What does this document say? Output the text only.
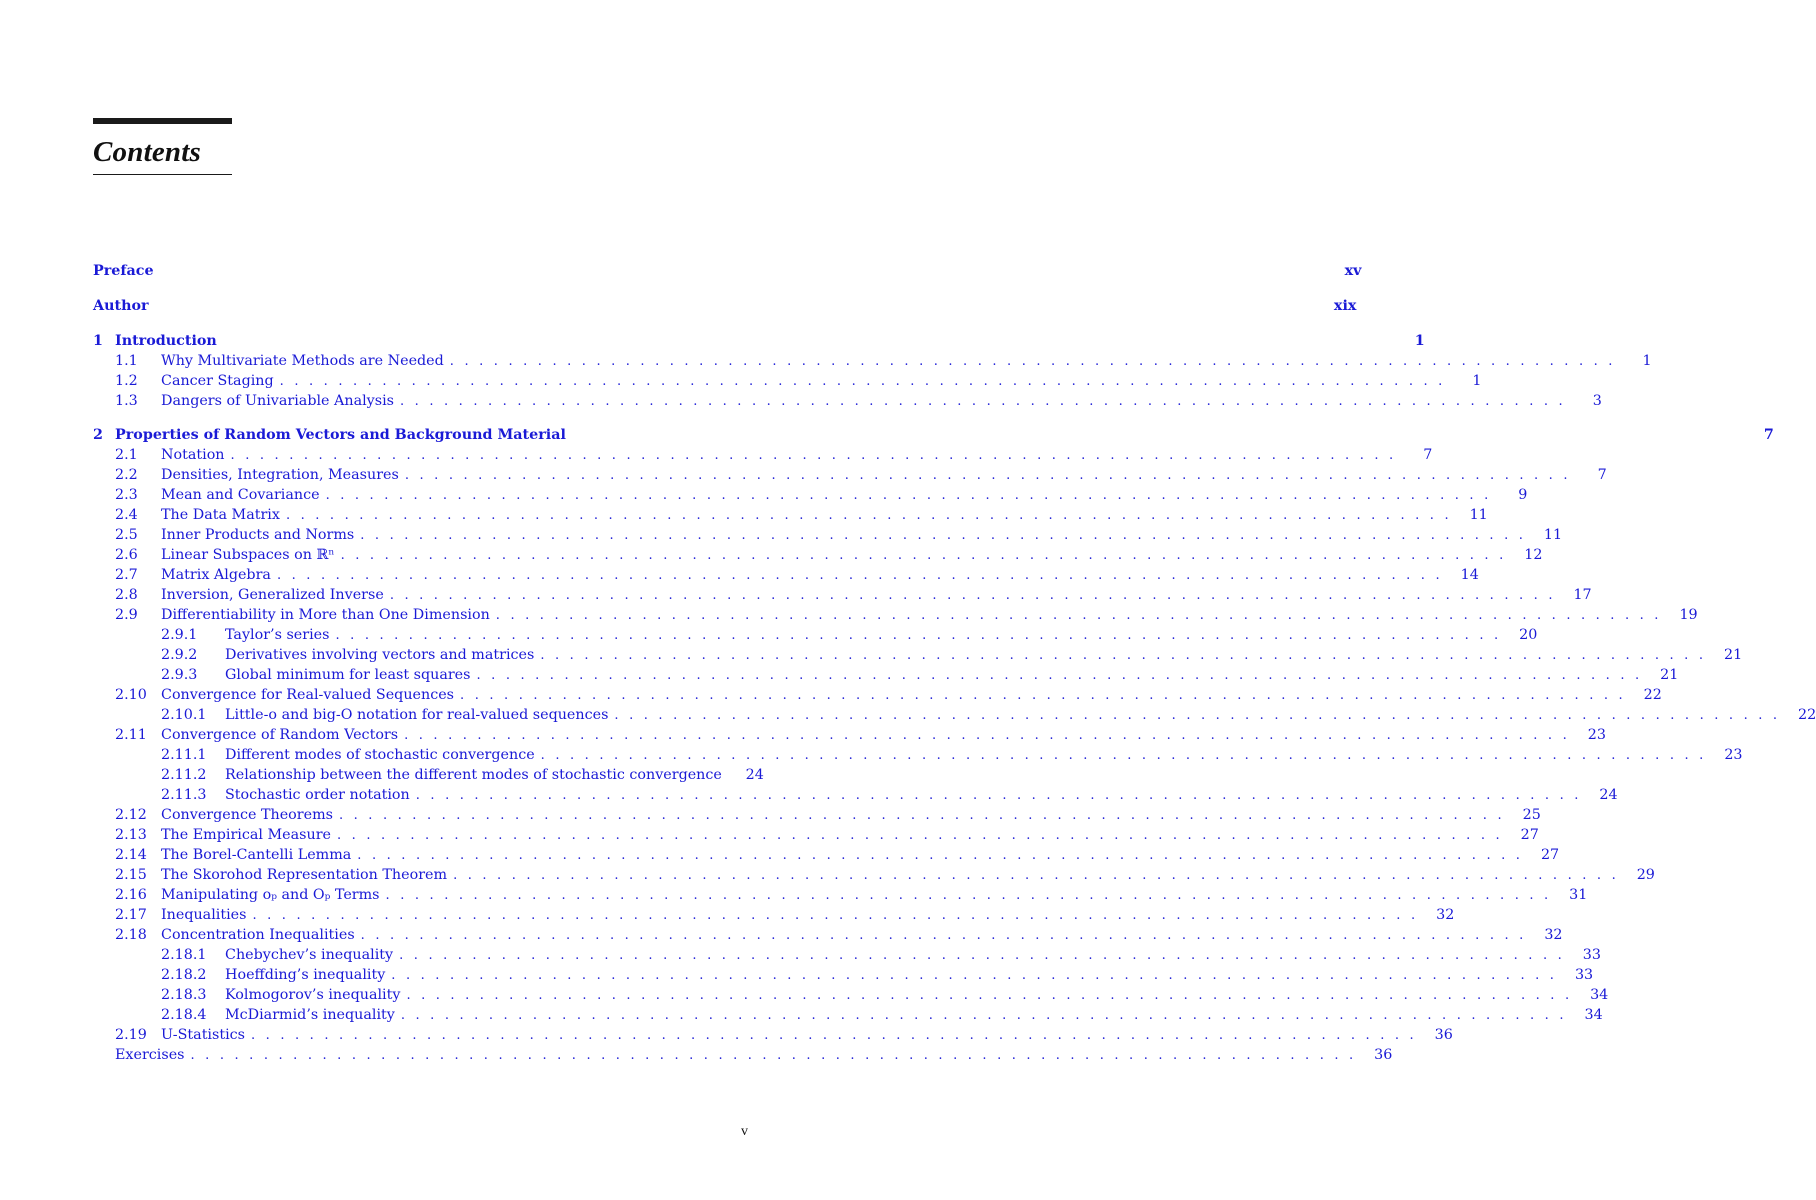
Contents
Preface	xv
Author	xix
1 Introduction	1
1.1	Why Multivariate Methods are Needed . . . . . . . . . . . . . . . . . . . . . . . . . . . . . . . . . . . . . . . . . . . . . . . . . . . . . . . . . . . . . . . . . . . . . . . . . . . . . . . .	1
1.2	Cancer Staging . . . . . . . . . . . . . . . . . . . . . . . . . . . . . . . . . . . . . . . . . . . . . . . . . . . . . . . . . . . . . . . . . . . . . . . . . . . . . . . .	1
1.3	Dangers of Univariable Analysis . . . . . . . . . . . . . . . . . . . . . . . . . . . . . . . . . . . . . . . . . . . . . . . . . . . . . . . . . . . . . . . . . . . . . . . . . . . . . . . .	3
2 Properties of Random Vectors and Background Material	7
2.1	Notation . . . . . . . . . . . . . . . . . . . . . . . . . . . . . . . . . . . . . . . . . . . . . . . . . . . . . . . . . . . . . . . . . . . . . . . . . . . . . . . .	7
2.2	Densities, Integration, Measures . . . . . . . . . . . . . . . . . . . . . . . . . . . . . . . . . . . . . . . . . . . . . . . . . . . . . . . . . . . . . . . . . . . . . . . . . . . . . . . .	7
2.3	Mean and Covariance . . . . . . . . . . . . . . . . . . . . . . . . . . . . . . . . . . . . . . . . . . . . . . . . . . . . . . . . . . . . . . . . . . . . . . . . . . . . . . . .	9
2.4	The Data Matrix . . . . . . . . . . . . . . . . . . . . . . . . . . . . . . . . . . . . . . . . . . . . . . . . . . . . . . . . . . . . . . . . . . . . . . . . . . . . . . . .	11
2.5	Inner Products and Norms . . . . . . . . . . . . . . . . . . . . . . . . . . . . . . . . . . . . . . . . . . . . . . . . . . . . . . . . . . . . . . . . . . . . . . . . . . . . . . . .	11
2.6	Linear Subspaces on ℝⁿ . . . . . . . . . . . . . . . . . . . . . . . . . . . . . . . . . . . . . . . . . . . . . . . . . . . . . . . . . . . . . . . . . . . . . . . . . . . . . . . .	12
2.7	Matrix Algebra . . . . . . . . . . . . . . . . . . . . . . . . . . . . . . . . . . . . . . . . . . . . . . . . . . . . . . . . . . . . . . . . . . . . . . . . . . . . . . . .	14
2.8	Inversion, Generalized Inverse . . . . . . . . . . . . . . . . . . . . . . . . . . . . . . . . . . . . . . . . . . . . . . . . . . . . . . . . . . . . . . . . . . . . . . . . . . . . . . . .	17
2.9	Differentiability in More than One Dimension . . . . . . . . . . . . . . . . . . . . . . . . . . . . . . . . . . . . . . . . . . . . . . . . . . . . . . . . . . . . . . . . . . . . . . . . . . . . . . . .	19
2.9.1	Taylor’s series . . . . . . . . . . . . . . . . . . . . . . . . . . . . . . . . . . . . . . . . . . . . . . . . . . . . . . . . . . . . . . . . . . . . . . . . . . . . . . . .	20
2.9.2	Derivatives involving vectors and matrices . . . . . . . . . . . . . . . . . . . . . . . . . . . . . . . . . . . . . . . . . . . . . . . . . . . . . . . . . . . . . . . . . . . . . . . . . . . . . . . .	21
2.9.3	Global minimum for least squares . . . . . . . . . . . . . . . . . . . . . . . . . . . . . . . . . . . . . . . . . . . . . . . . . . . . . . . . . . . . . . . . . . . . . . . . . . . . . . . .	21
2.10 Convergence for Real-valued Sequences . . . . . . . . . . . . . . . . . . . . . . . . . . . . . . . . . . . . . . . . . . . . . . . . . . . . . . . . . . . . . . . . . . . . . . . . . . . . . . . .	22
2.10.1	Little-o and big-O notation for real-valued sequences . . . . . . . . . . . . . . . . . . . . . . . . . . . . . . . . . . . . . . . . . . . . . . . . . . . . . . . . . . . . . . . . . . . . . . . . . . . . . . . .	22
2.11 Convergence of Random Vectors . . . . . . . . . . . . . . . . . . . . . . . . . . . . . . . . . . . . . . . . . . . . . . . . . . . . . . . . . . . . . . . . . . . . . . . . . . . . . . . .	23
2.11.1	Different modes of stochastic convergence . . . . . . . . . . . . . . . . . . . . . . . . . . . . . . . . . . . . . . . . . . . . . . . . . . . . . . . . . . . . . . . . . . . . . . . . . . . . . . . .	23
2.11.2	Relationship between the different modes of stochastic convergence	24
2.11.3	Stochastic order notation . . . . . . . . . . . . . . . . . . . . . . . . . . . . . . . . . . . . . . . . . . . . . . . . . . . . . . . . . . . . . . . . . . . . . . . . . . . . . . . .	24
2.12 Convergence Theorems . . . . . . . . . . . . . . . . . . . . . . . . . . . . . . . . . . . . . . . . . . . . . . . . . . . . . . . . . . . . . . . . . . . . . . . . . . . . . . . .	25
2.13 The Empirical Measure . . . . . . . . . . . . . . . . . . . . . . . . . . . . . . . . . . . . . . . . . . . . . . . . . . . . . . . . . . . . . . . . . . . . . . . . . . . . . . . .	27
2.14 The Borel-Cantelli Lemma . . . . . . . . . . . . . . . . . . . . . . . . . . . . . . . . . . . . . . . . . . . . . . . . . . . . . . . . . . . . . . . . . . . . . . . . . . . . . . . .	27
2.15 The Skorohod Representation Theorem . . . . . . . . . . . . . . . . . . . . . . . . . . . . . . . . . . . . . . . . . . . . . . . . . . . . . . . . . . . . . . . . . . . . . . . . . . . . . . . .	29
2.16 Manipulating oₚ and Oₚ Terms . . . . . . . . . . . . . . . . . . . . . . . . . . . . . . . . . . . . . . . . . . . . . . . . . . . . . . . . . . . . . . . . . . . . . . . . . . . . . . . .	31
2.17 Inequalities . . . . . . . . . . . . . . . . . . . . . . . . . . . . . . . . . . . . . . . . . . . . . . . . . . . . . . . . . . . . . . . . . . . . . . . . . . . . . . . .	32
2.18 Concentration Inequalities . . . . . . . . . . . . . . . . . . . . . . . . . . . . . . . . . . . . . . . . . . . . . . . . . . . . . . . . . . . . . . . . . . . . . . . . . . . . . . . .	32
2.18.1	Chebychev’s inequality . . . . . . . . . . . . . . . . . . . . . . . . . . . . . . . . . . . . . . . . . . . . . . . . . . . . . . . . . . . . . . . . . . . . . . . . . . . . . . . .	33
2.18.2	Hoeffding’s inequality . . . . . . . . . . . . . . . . . . . . . . . . . . . . . . . . . . . . . . . . . . . . . . . . . . . . . . . . . . . . . . . . . . . . . . . . . . . . . . . .	33
2.18.3	Kolmogorov’s inequality . . . . . . . . . . . . . . . . . . . . . . . . . . . . . . . . . . . . . . . . . . . . . . . . . . . . . . . . . . . . . . . . . . . . . . . . . . . . . . . .	34
2.18.4	McDiarmid’s inequality . . . . . . . . . . . . . . . . . . . . . . . . . . . . . . . . . . . . . . . . . . . . . . . . . . . . . . . . . . . . . . . . . . . . . . . . . . . . . . . .	34
2.19 U-Statistics . . . . . . . . . . . . . . . . . . . . . . . . . . . . . . . . . . . . . . . . . . . . . . . . . . . . . . . . . . . . . . . . . . . . . . . . . . . . . . . .	36
Exercises . . . . . . . . . . . . . . . . . . . . . . . . . . . . . . . . . . . . . . . . . . . . . . . . . . . . . . . . . . . . . . . . . . . . . . . . . . . . . . . .	36
v
